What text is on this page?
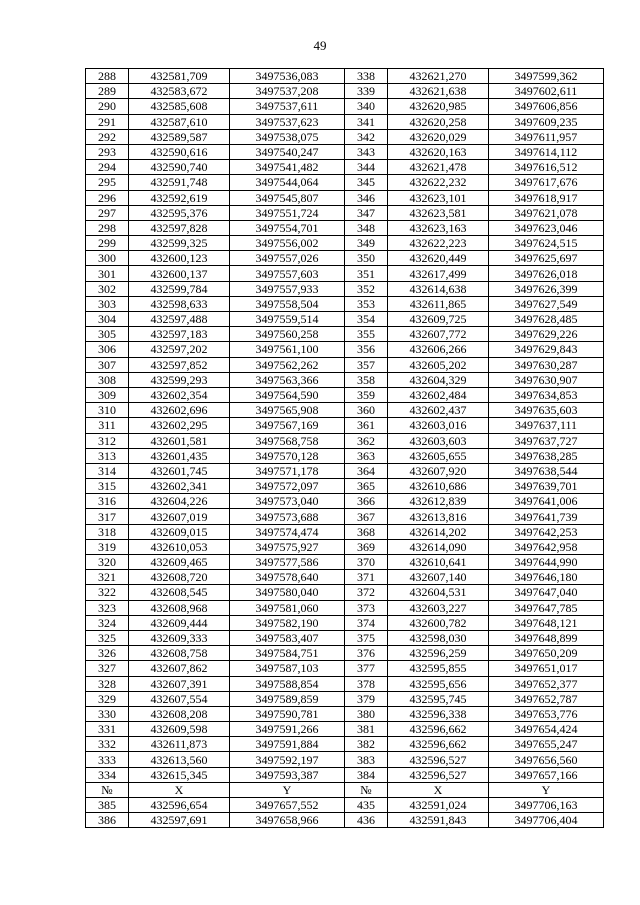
49
288	432581,709	3497536,083	338	432621,270	3497599,362
289	432583,672	3497537,208	339	432621,638	3497602,611
290	432585,608	3497537,611	340	432620,985	3497606,856
291	432587,610	3497537,623	341	432620,258	3497609,235
292	432589,587	3497538,075	342	432620,029	3497611,957
293	432590,616	3497540,247	343	432620,163	3497614,112
294	432590,740	3497541,482	344	432621,478	3497616,512
295	432591,748	3497544,064	345	432622,232	3497617,676
296	432592,619	3497545,807	346	432623,101	3497618,917
297	432595,376	3497551,724	347	432623,581	3497621,078
298	432597,828	3497554,701	348	432623,163	3497623,046
299	432599,325	3497556,002	349	432622,223	3497624,515
300	432600,123	3497557,026	350	432620,449	3497625,697
301	432600,137	3497557,603	351	432617,499	3497626,018
302	432599,784	3497557,933	352	432614,638	3497626,399
303	432598,633	3497558,504	353	432611,865	3497627,549
304	432597,488	3497559,514	354	432609,725	3497628,485
305	432597,183	3497560,258	355	432607,772	3497629,226
306	432597,202	3497561,100	356	432606,266	3497629,843
307	432597,852	3497562,262	357	432605,202	3497630,287
308	432599,293	3497563,366	358	432604,329	3497630,907
309	432602,354	3497564,590	359	432602,484	3497634,853
310	432602,696	3497565,908	360	432602,437	3497635,603
311	432602,295	3497567,169	361	432603,016	3497637,111
312	432601,581	3497568,758	362	432603,603	3497637,727
313	432601,435	3497570,128	363	432605,655	3497638,285
314	432601,745	3497571,178	364	432607,920	3497638,544
315	432602,341	3497572,097	365	432610,686	3497639,701
316	432604,226	3497573,040	366	432612,839	3497641,006
317	432607,019	3497573,688	367	432613,816	3497641,739
318	432609,015	3497574,474	368	432614,202	3497642,253
319	432610,053	3497575,927	369	432614,090	3497642,958
320	432609,465	3497577,586	370	432610,641	3497644,990
321	432608,720	3497578,640	371	432607,140	3497646,180
322	432608,545	3497580,040	372	432604,531	3497647,040
323	432608,968	3497581,060	373	432603,227	3497647,785
324	432609,444	3497582,190	374	432600,782	3497648,121
325	432609,333	3497583,407	375	432598,030	3497648,899
326	432608,758	3497584,751	376	432596,259	3497650,209
327	432607,862	3497587,103	377	432595,855	3497651,017
328	432607,391	3497588,854	378	432595,656	3497652,377
329	432607,554	3497589,859	379	432595,745	3497652,787
330	432608,208	3497590,781	380	432596,338	3497653,776
331	432609,598	3497591,266	381	432596,662	3497654,424
332	432611,873	3497591,884	382	432596,662	3497655,247
333	432613,560	3497592,197	383	432596,527	3497656,560
334	432615,345	3497593,387	384	432596,527	3497657,166
№	X	Y	№	X	Y
385	432596,654	3497657,552	435	432591,024	3497706,163
386	432597,691	3497658,966	436	432591,843	3497706,404
